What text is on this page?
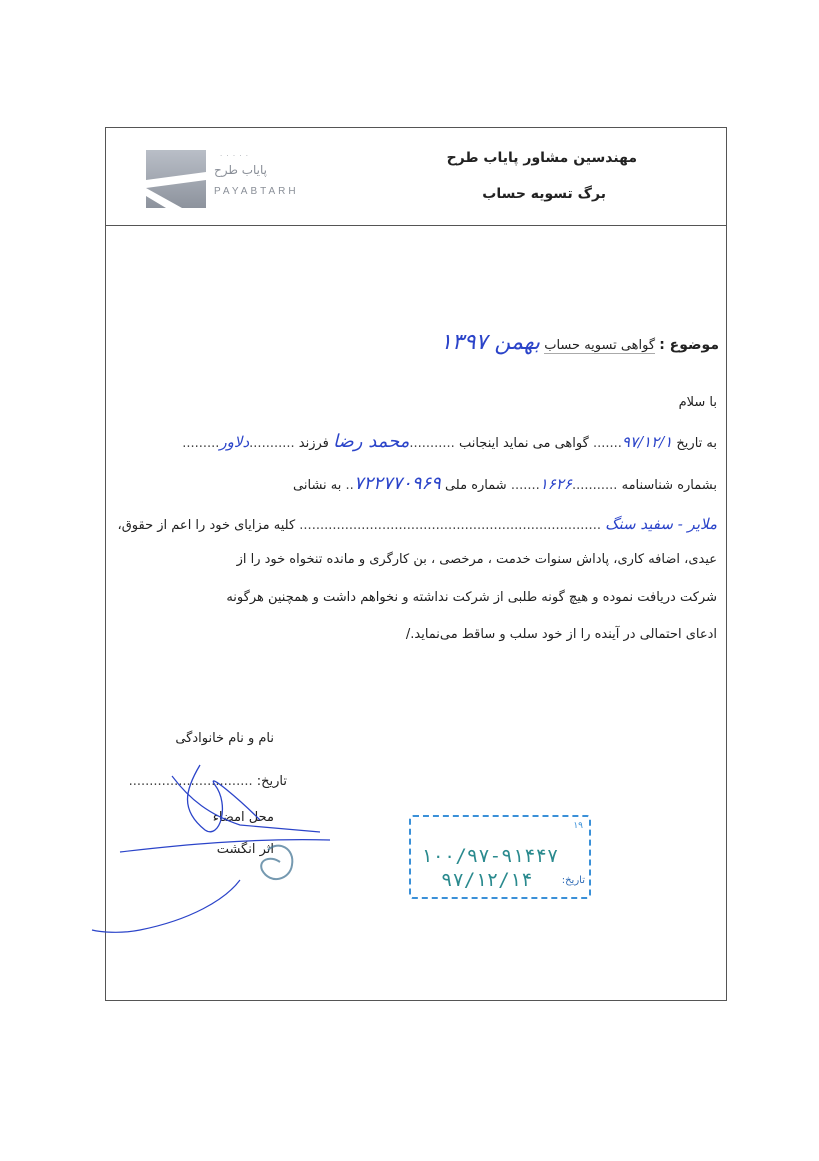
· · · · ·
پایاب طرح
PAYABTARH
مهندسین مشاور پایاب طرح
برگ تسویه حساب
موضوع : گواهی تسویه حساب بهمن ۱۳۹۷
با سلام
به تاریخ ۹۷/۱۲/۱....... گواهی می نماید اینجانب ...........محمد رضا فرزند ...........دلاور.........
بشماره شناسنامه ...........۱۶۲۶....... شماره ملی ۷۲۲۷۷۰۹۶۹.. به نشانی
ملایر - سفید سنگ ......................................................................... کلیه مزایای خود را اعم از حقوق،
عیدی، اضافه کاری، پاداش سنوات خدمت ، مرخصی ، بن کارگری و مانده تنخواه خود را از
شرکت دریافت نموده و هیچ گونه طلبی از شرکت نداشته و نخواهم داشت و همچنین هرگونه
ادعای احتمالی در آینده را از خود سلب و ساقط می‌نماید./
نام و نام خانوادگی
تاریخ: ..............................
محل امضاء
اثر انگشت
۱۹
۱۰۰/۹۷-۹۱۴۴۷
۹۷/۱۲/۱۴	تاریخ:
